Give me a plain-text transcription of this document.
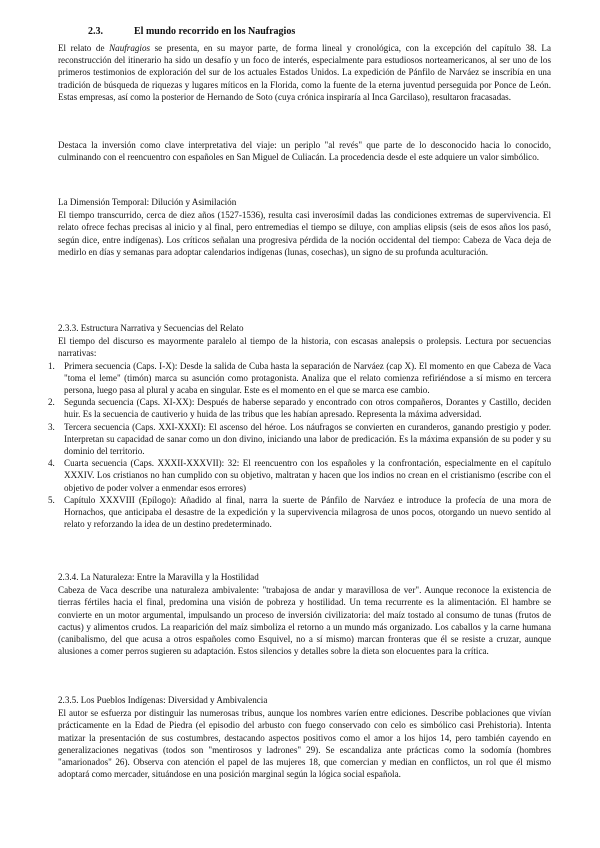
2.3.	El mundo recorrido en los Naufragios

El relato de Naufragios se presenta, en su mayor parte, de forma lineal y cronológica, con la excepción del capítulo 38. La reconstrucción del itinerario ha sido un desafío y un foco de interés, especialmente para estudiosos norteamericanos, al ser uno de los primeros testimonios de exploración del sur de los actuales Estados Unidos. La expedición de Pánfilo de Narváez se inscribía en una tradición de búsqueda de riquezas y lugares míticos en la Florida, como la fuente de la eterna juventud perseguida por Ponce de León. Estas empresas, así como la posterior de Hernando de Soto (cuya crónica inspiraría al Inca Garcilaso), resultaron fracasadas.

Destaca la inversión como clave interpretativa del viaje: un periplo "al revés" que parte de lo desconocido hacia lo conocido, culminando con el reencuentro con españoles en San Miguel de Culiacán. La procedencia desde el este adquiere un valor simbólico.

La Dimensión Temporal: Dilución y Asimilación

El tiempo transcurrido, cerca de diez años (1527-1536), resulta casi inverosímil dadas las condiciones extremas de supervivencia. El relato ofrece fechas precisas al inicio y al final, pero entremedias el tiempo se diluye, con amplias elipsis (seis de esos años los pasó, según dice, entre indígenas). Los críticos señalan una progresiva pérdida de la noción occidental del tiempo: Cabeza de Vaca deja de medirlo en días y semanas para adoptar calendarios indígenas (lunas, cosechas), un signo de su profunda aculturación.

2.3.3. Estructura Narrativa y Secuencias del Relato

El tiempo del discurso es mayormente paralelo al tiempo de la historia, con escasas analepsis o prolepsis. Lectura por secuencias narrativas:

1. Primera secuencia (Caps. I-X): Desde la salida de Cuba hasta la separación de Narváez (cap X). El momento en que Cabeza de Vaca "toma el leme" (timón) marca su asunción como protagonista. Analiza que el relato comienza refiriéndose a sí mismo en tercera persona, luego pasa al plural y acaba en singular. Este es el momento en el que se marca ese cambio.
2. Segunda secuencia (Caps. XI-XX): Después de haberse separado y encontrado con otros compañeros, Dorantes y Castillo, deciden huir. Es la secuencia de cautiverio y huida de las tribus que les habían apresado. Representa la máxima adversidad.
3. Tercera secuencia (Caps. XXI-XXXI): El ascenso del héroe. Los náufragos se convierten en curanderos, ganando prestigio y poder. Interpretan su capacidad de sanar como un don divino, iniciando una labor de predicación. Es la máxima expansión de su poder y su dominio del territorio.
4. Cuarta secuencia (Caps. XXXII-XXXVII): 32: El reencuentro con los españoles y la confrontación, especialmente en el capítulo XXXIV. Los cristianos no han cumplido con su objetivo, maltratan y hacen que los indios no crean en el cristianismo (escribe con el objetivo de poder volver a enmendar esos errores)
5. Capítulo XXXVIII (Epílogo): Añadido al final, narra la suerte de Pánfilo de Narváez e introduce la profecía de una mora de Hornachos, que anticipaba el desastre de la expedición y la supervivencia milagrosa de unos pocos, otorgando un nuevo sentido al relato y reforzando la idea de un destino predeterminado.

2.3.4. La Naturaleza: Entre la Maravilla y la Hostilidad

Cabeza de Vaca describe una naturaleza ambivalente: "trabajosa de andar y maravillosa de ver". Aunque reconoce la existencia de tierras fértiles hacia el final, predomina una visión de pobreza y hostilidad. Un tema recurrente es la alimentación. El hambre se convierte en un motor argumental, impulsando un proceso de inversión civilizatoria: del maíz tostado al consumo de tunas (frutos de cactus) y alimentos crudos. La reaparición del maíz simboliza el retorno a un mundo más organizado. Los caballos y la carne humana (canibalismo, del que acusa a otros españoles como Esquivel, no a sí mismo) marcan fronteras que él se resiste a cruzar, aunque alusiones a comer perros sugieren su adaptación. Estos silencios y detalles sobre la dieta son elocuentes para la crítica.

2.3.5. Los Pueblos Indígenas: Diversidad y Ambivalencia

El autor se esfuerza por distinguir las numerosas tribus, aunque los nombres varíen entre ediciones. Describe poblaciones que vivían prácticamente en la Edad de Piedra (el episodio del arbusto con fuego conservado con celo es simbólico casi Prehistoria). Intenta matizar la presentación de sus costumbres, destacando aspectos positivos como el amor a los hijos 14, pero también cayendo en generalizaciones negativas (todos son "mentirosos y ladrones" 29). Se escandaliza ante prácticas como la sodomía (hombres "amarionados" 26). Observa con atención el papel de las mujeres 18, que comercian y median en conflictos, un rol que él mismo adoptará como mercader, situándose en una posición marginal según la lógica social española.
